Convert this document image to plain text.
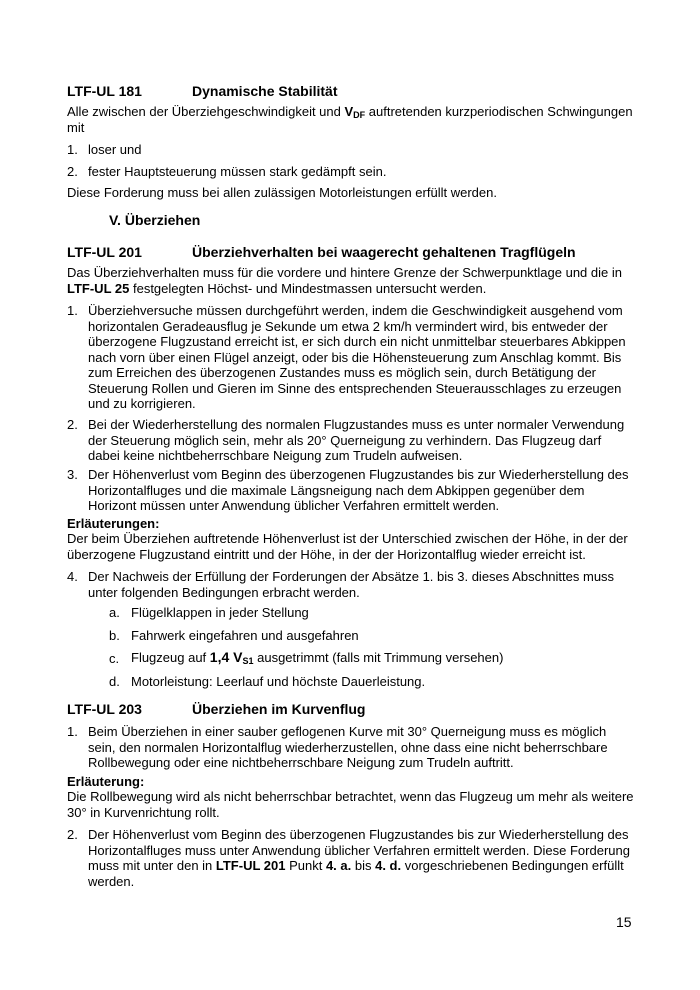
LTF-UL 181	Dynamische Stabilität
Alle zwischen der Überziehgeschwindigkeit und $V_{DF}$ auftretenden kurzperiodischen Schwingungen
mit
1. loser und
2. fester Hauptsteuerung müssen stark gedämpft sein.
Diese Forderung muss bei allen zulässigen Motorleistungen erfüllt werden.
V. Überziehen
LTF-UL 201	Überziehverhalten bei waagerecht gehaltenen Tragflügeln
Das Überziehverhalten muss für die vordere und hintere Grenze der Schwerpunktlage und die in
LTF-UL 25 festgelegten Höchst- und Mindestmassen untersucht werden.
1. Überziehversuche müssen durchgeführt werden, indem die Geschwindigkeit ausgehend vom
horizontalen Geradeausflug je Sekunde um etwa 2 km/h vermindert wird, bis entweder der
überzogene Flugzustand erreicht ist, er sich durch ein nicht unmittelbar steuerbares Abkippen
nach vorn über einen Flügel anzeigt, oder bis die Höhensteuerung zum Anschlag kommt. Bis
zum Erreichen des überzogenen Zustandes muss es möglich sein, durch Betätigung der
Steuerung Rollen und Gieren im Sinne des entsprechenden Steuerausschlages zu erzeugen
und zu korrigieren.
2. Bei der Wiederherstellung des normalen Flugzustandes muss es unter normaler Verwendung
der Steuerung möglich sein, mehr als 20° Querneigung zu verhindern. Das Flugzeug darf
dabei keine nichtbeherrschbare Neigung zum Trudeln aufweisen.
3. Der Höhenverlust vom Beginn des überzogenen Flugzustandes bis zur Wiederherstellung des
Horizontalfluges und die maximale Längsneigung nach dem Abkippen gegenüber dem
Horizont müssen unter Anwendung üblicher Verfahren ermittelt werden.
Erläuterungen:
Der beim Überziehen auftretende Höhenverlust ist der Unterschied zwischen der Höhe, in der der
überzogene Flugzustand eintritt und der Höhe, in der der Horizontalflug wieder erreicht ist.
4. Der Nachweis der Erfüllung der Forderungen der Absätze 1. bis 3. dieses Abschnittes muss
unter folgenden Bedingungen erbracht werden.
a. Flügelklappen in jeder Stellung
b. Fahrwerk eingefahren und ausgefahren
c. Flugzeug auf 1,4 $V_{S1}$ ausgetrimmt (falls mit Trimmung versehen)
d. Motorleistung: Leerlauf und höchste Dauerleistung.
LTF-UL 203	Überziehen im Kurvenflug
1. Beim Überziehen in einer sauber geflogenen Kurve mit 30° Querneigung muss es möglich
sein, den normalen Horizontalflug wiederherzustellen, ohne dass eine nicht beherrschbare
Rollbewegung oder eine nichtbeherrschbare Neigung zum Trudeln auftritt.
Erläuterung:
Die Rollbewegung wird als nicht beherrschbar betrachtet, wenn das Flugzeug um mehr als weitere
30° in Kurvenrichtung rollt.
2. Der Höhenverlust vom Beginn des überzogenen Flugzustandes bis zur Wiederherstellung des
Horizontalfluges muss unter Anwendung üblicher Verfahren ermittelt werden. Diese Forderung
muss mit unter den in LTF-UL 201 Punkt 4. a. bis 4. d. vorgeschriebenen Bedingungen erfüllt
werden.
15
